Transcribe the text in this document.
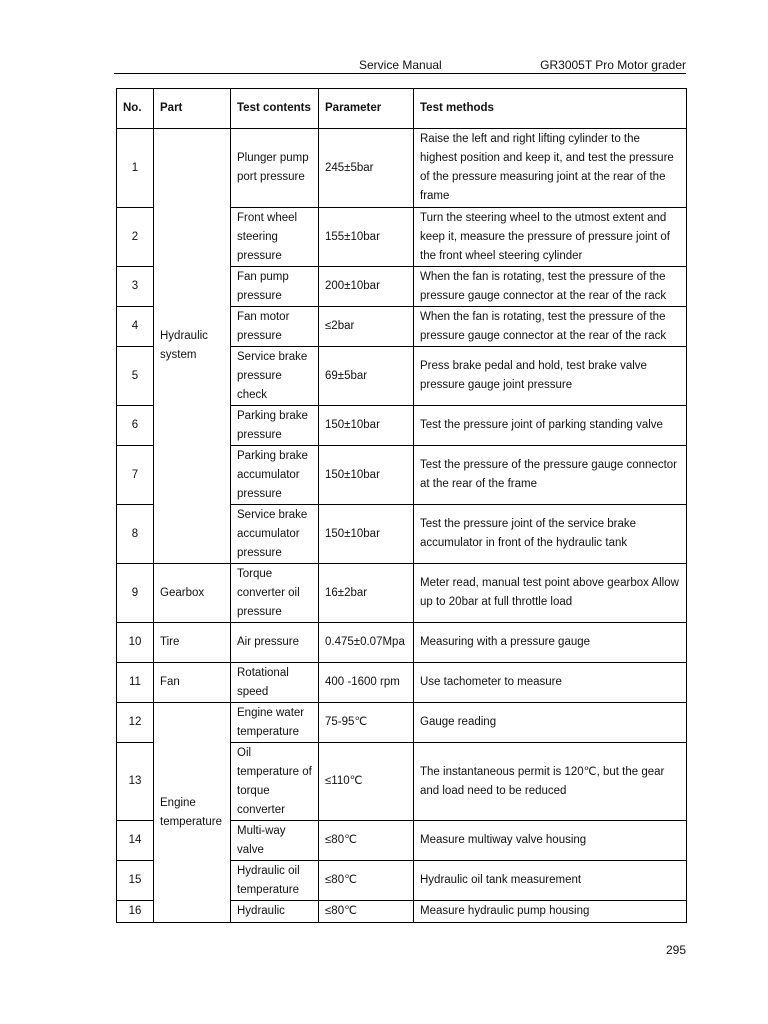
Service Manual	GR3005T Pro Motor grader
No.	Part	Test contents	Parameter	Test methods
1	Hydraulic system	Plunger pump port pressure	245±5bar	Raise the left and right lifting cylinder to the highest position and keep it, and test the pressure of the pressure measuring joint at the rear of the frame
2		Front wheel steering pressure	155±10bar	Turn the steering wheel to the utmost extent and keep it, measure the pressure of pressure joint of the front wheel steering cylinder
3		Fan pump pressure	200±10bar	When the fan is rotating, test the pressure of the pressure gauge connector at the rear of the rack
4		Fan motor pressure	≤2bar	When the fan is rotating, test the pressure of the pressure gauge connector at the rear of the rack
5		Service brake pressure check	69±5bar	Press brake pedal and hold, test brake valve pressure gauge joint pressure
6		Parking brake pressure	150±10bar	Test the pressure joint of parking standing valve
7		Parking brake accumulator pressure	150±10bar	Test the pressure of the pressure gauge connector at the rear of the frame
8		Service brake accumulator pressure	150±10bar	Test the pressure joint of the service brake accumulator in front of the hydraulic tank
9	Gearbox	Torque converter oil pressure	16±2bar	Meter read, manual test point above gearbox Allow up to 20bar at full throttle load
10	Tire	Air pressure	0.475±0.07Mpa	Measuring with a pressure gauge
11	Fan	Rotational speed	400 -1600 rpm	Use tachometer to measure
12	Engine temperature	Engine water temperature	75-95℃	Gauge reading
13		Oil temperature of torque converter	≤110℃	The instantaneous permit is 120℃, but the gear and load need to be reduced
14		Multi-way valve	≤80℃	Measure multiway valve housing
15		Hydraulic oil temperature	≤80℃	Hydraulic oil tank measurement
16		Hydraulic	≤80℃	Measure hydraulic pump housing
295
